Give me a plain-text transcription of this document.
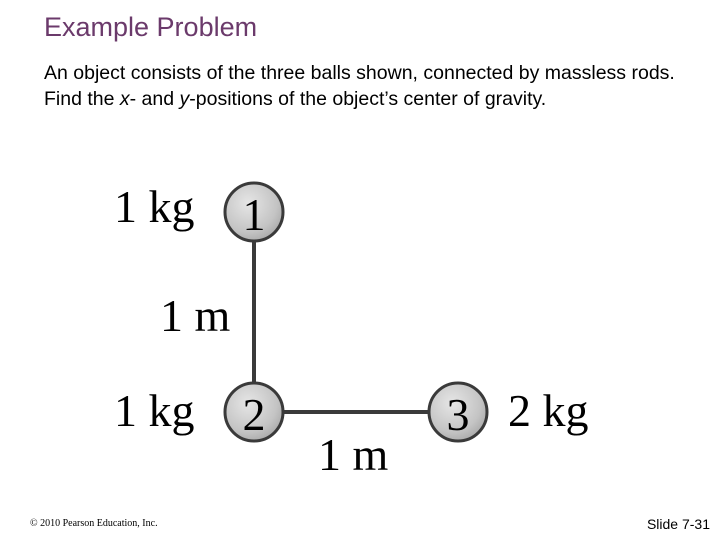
Example Problem
An object consists of the three balls shown, connected by massless rods. Find the x- and y-positions of the object’s center of gravity.
1
2	3
1 kg
1 kg	2 kg
1 m
1 m
© 2010 Pearson Education, Inc.	Slide 7-31
